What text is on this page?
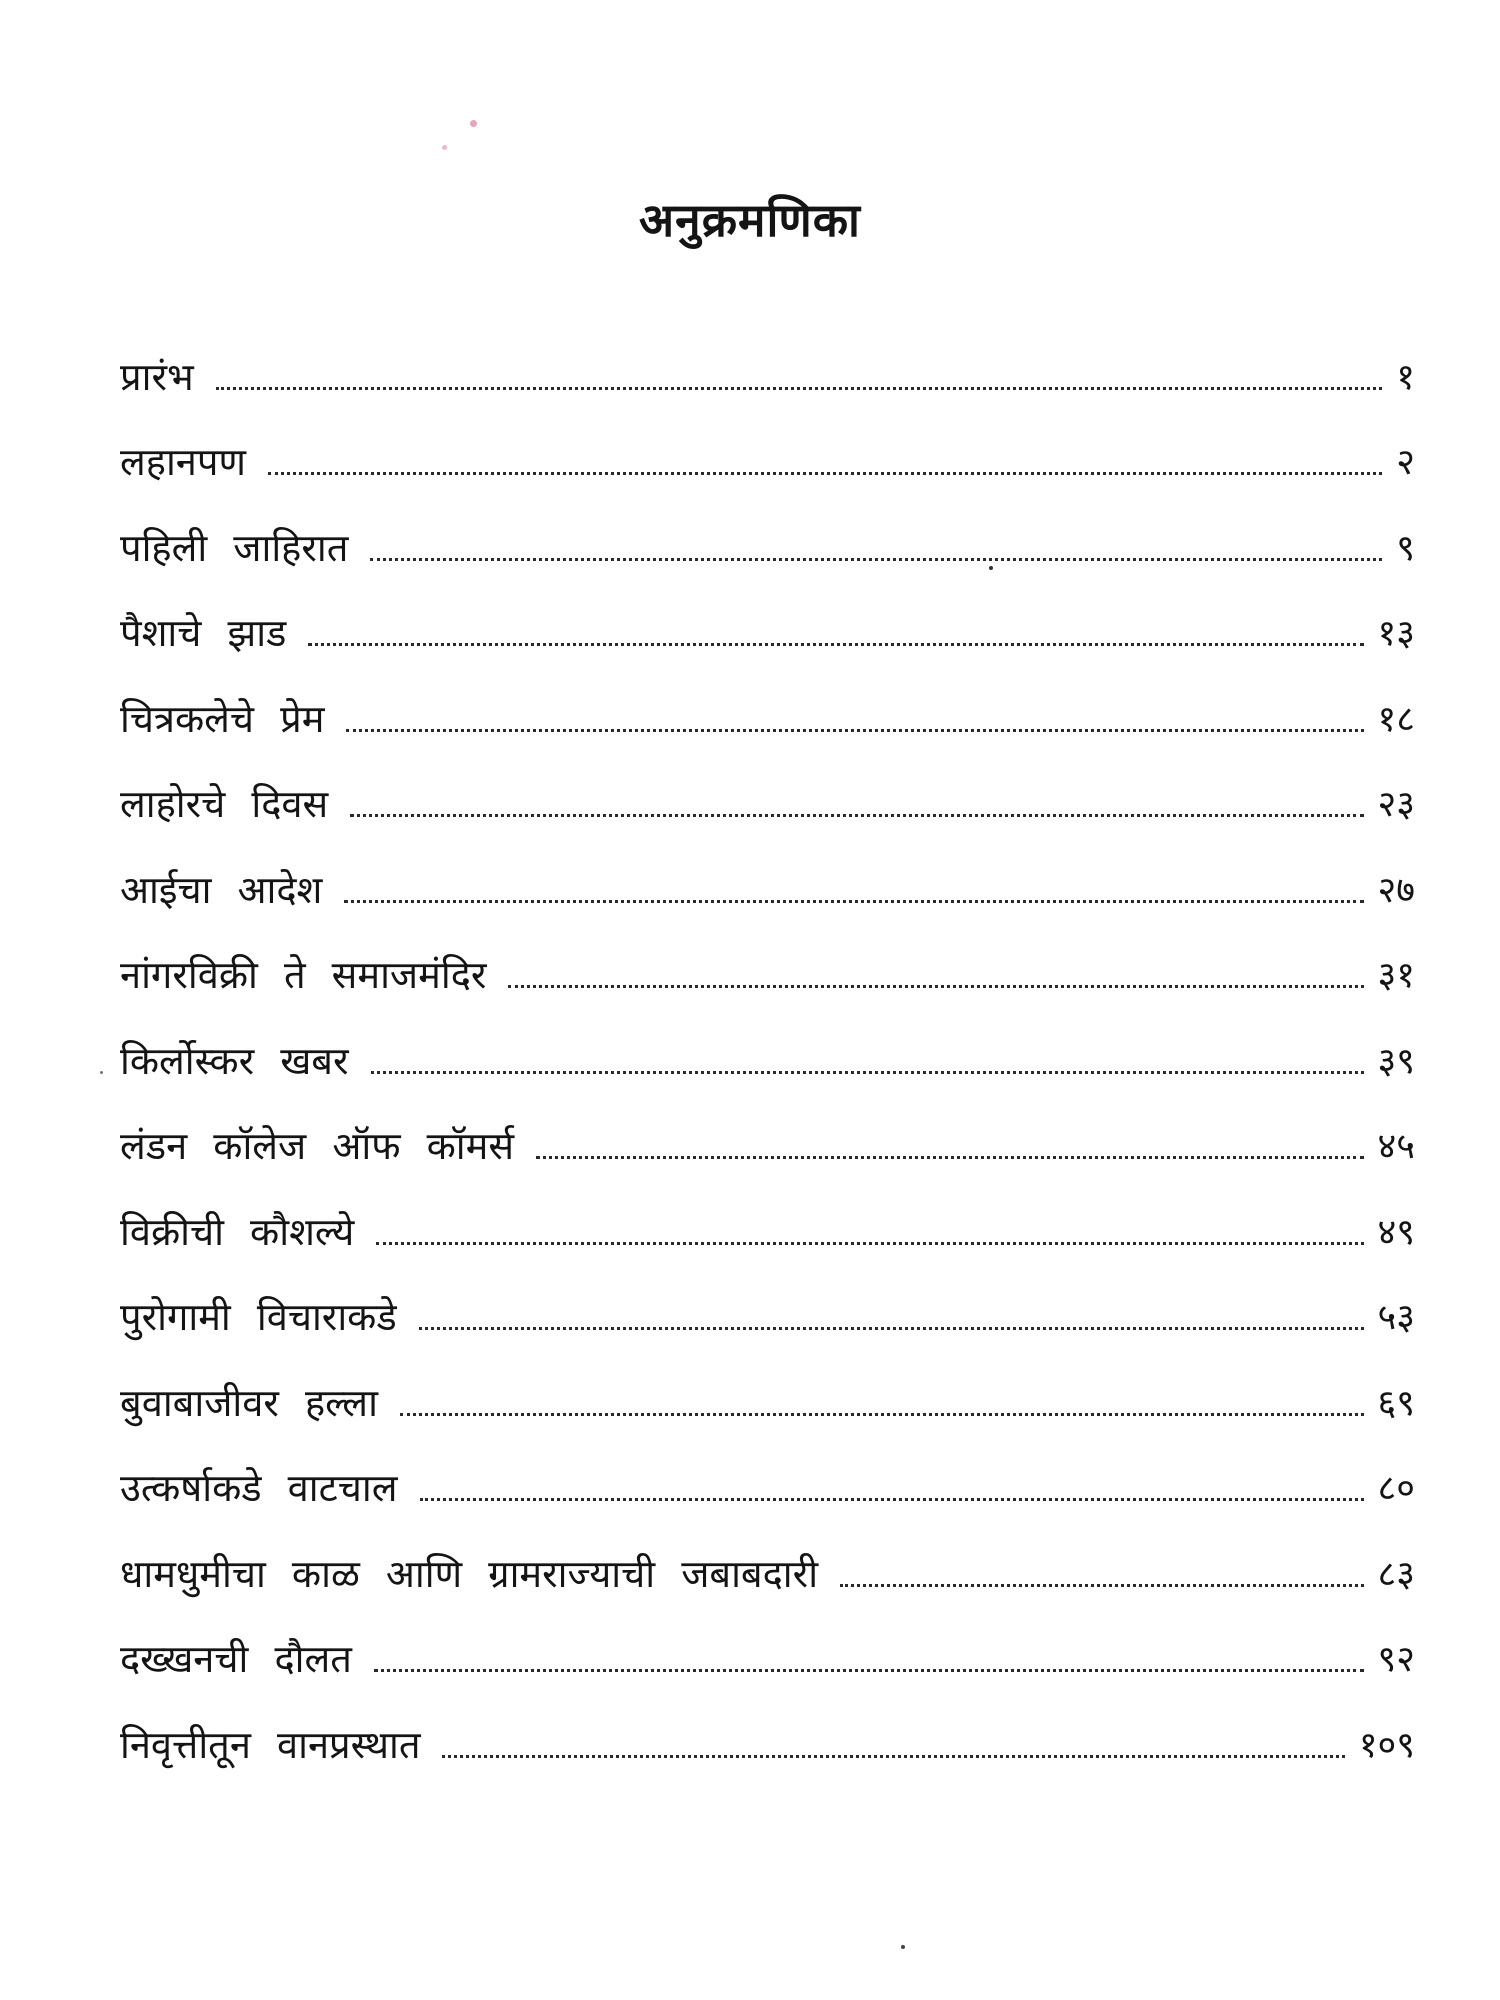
अनुक्रमणिका
प्रारंभ	१
लहानपण	२
पहिली जाहिरात	९
पैशाचे झाड	१३
चित्रकलेचे प्रेम	१८
लाहोरचे दिवस	२३
आईचा आदेश	२७
नांगरविक्री ते समाजमंदिर	३१
किर्लोस्कर खबर	३९
लंडन कॉलेज ऑफ कॉमर्स	४५
विक्रीची कौशल्ये	४९
पुरोगामी विचाराकडे	५३
बुवाबाजीवर हल्ला	६९
उत्कर्षाकडे वाटचाल	८०
धामधुमीचा काळ आणि ग्रामराज्याची जबाबदारी	८३
दख्खनची दौलत	९२
निवृत्तीतून वानप्रस्थात	१०९
